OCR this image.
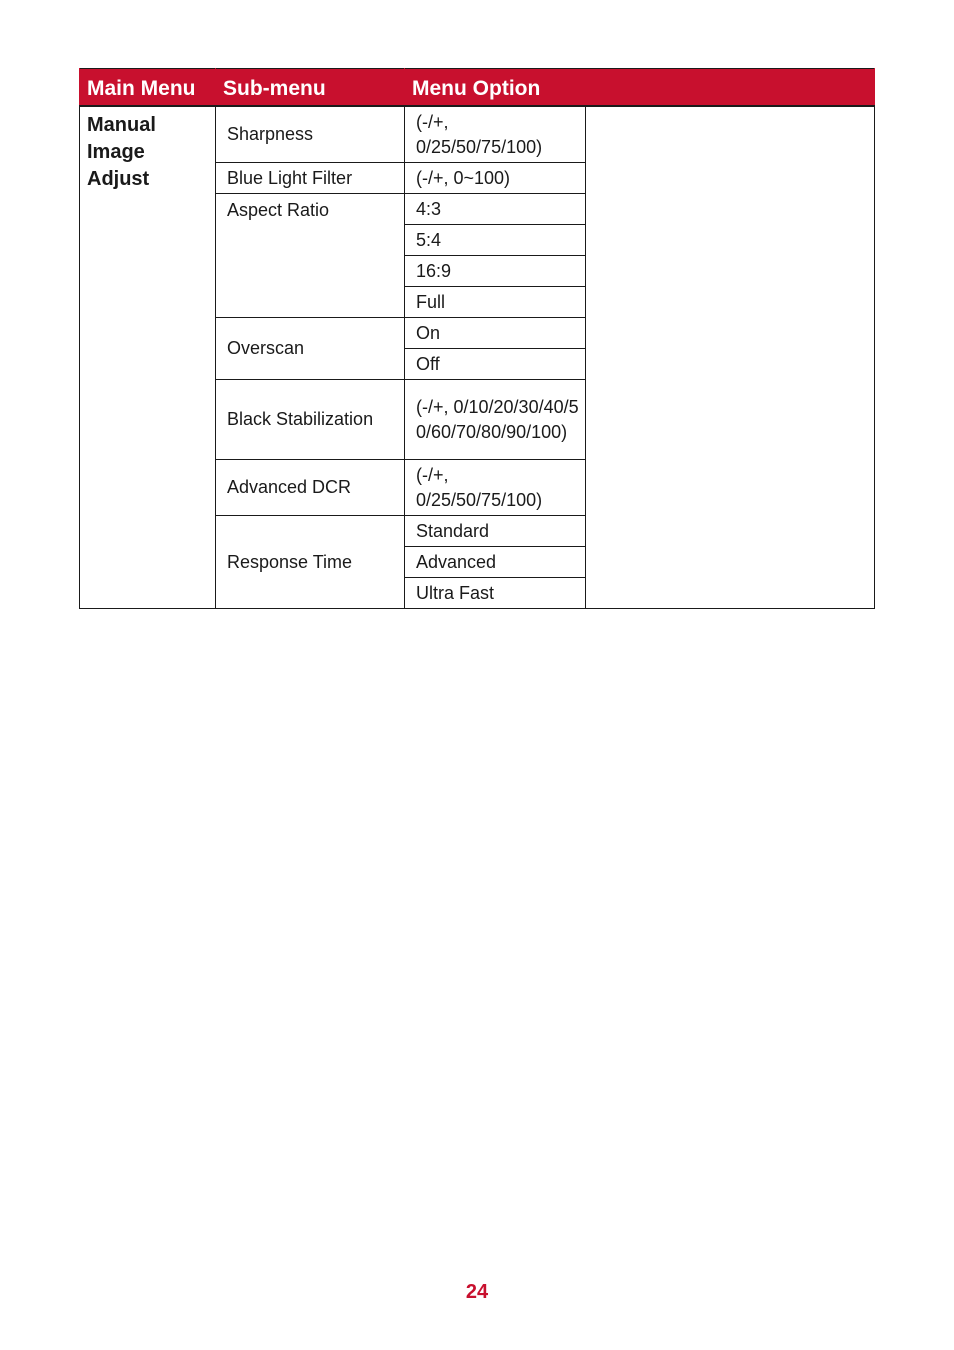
Main Menu	Sub-menu	Menu Option	
Manual Image Adjust	Sharpness	(-/+, 0/25/50/75/100)	
	Blue Light Filter	(-/+, 0~100)	
	Aspect Ratio	4:3	
		5:4	
		16:9	
		Full	
	Overscan	On	
		Off	
	Black Stabilization	(-/+, 0/10/20/30/40/50/60/70/80/90/100)	
	Advanced DCR	(-/+, 0/25/50/75/100)	
	Response Time	Standard	
		Advanced	
		Ultra Fast	
24
